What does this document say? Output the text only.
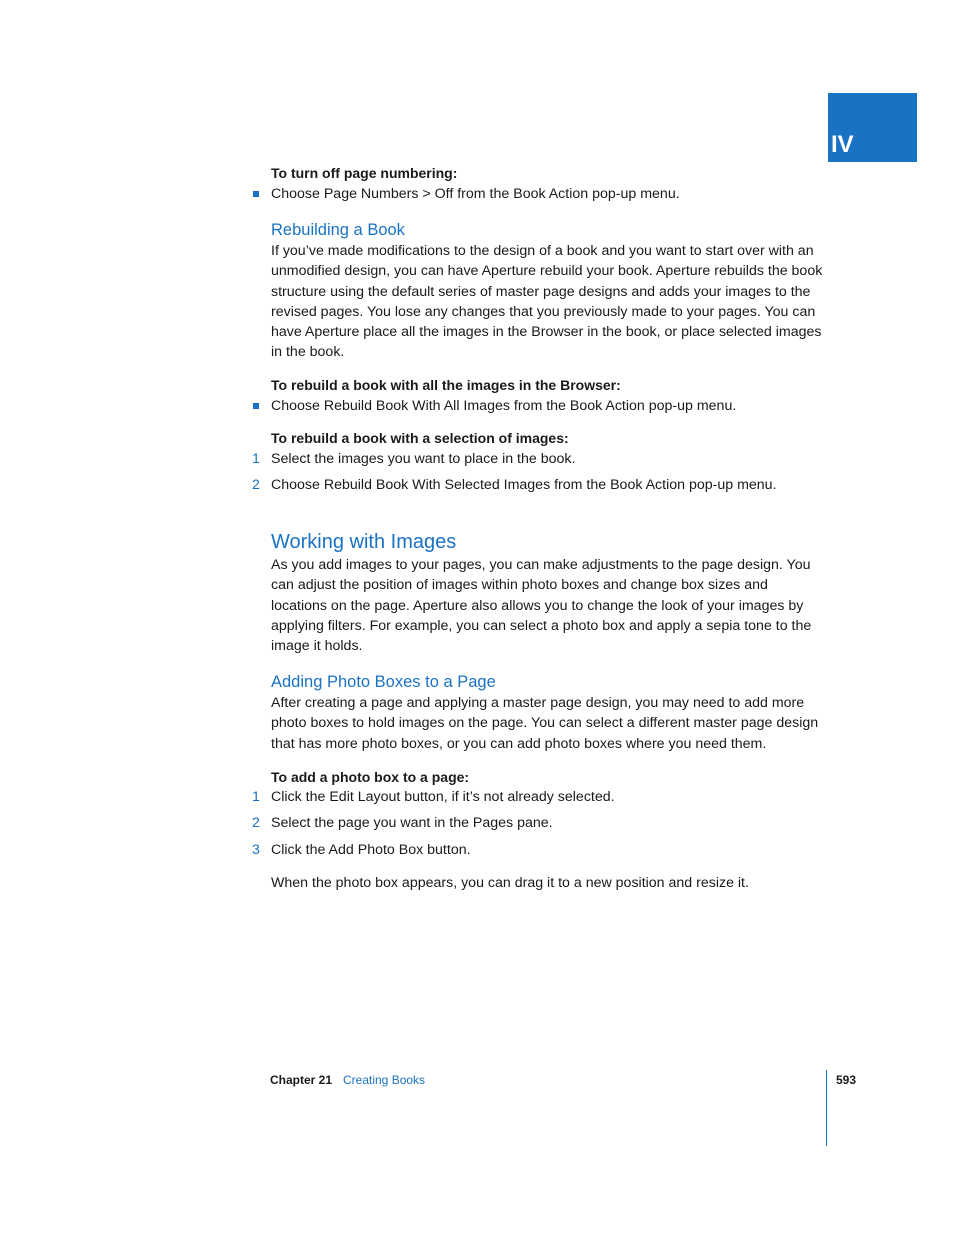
IV
To turn off page numbering:
Choose Page Numbers > Off from the Book Action pop-up menu.
Rebuilding a Book
If you’ve made modifications to the design of a book and you want to start over with an unmodified design, you can have Aperture rebuild your book. Aperture rebuilds the book structure using the default series of master page designs and adds your images to the revised pages. You lose any changes that you previously made to your pages. You can have Aperture place all the images in the Browser in the book, or place selected images in the book.
To rebuild a book with all the images in the Browser:
Choose Rebuild Book With All Images from the Book Action pop-up menu.
To rebuild a book with a selection of images:
1 Select the images you want to place in the book.
2 Choose Rebuild Book With Selected Images from the Book Action pop-up menu.
Working with Images
As you add images to your pages, you can make adjustments to the page design. You can adjust the position of images within photo boxes and change box sizes and locations on the page. Aperture also allows you to change the look of your images by applying filters. For example, you can select a photo box and apply a sepia tone to the image it holds.
Adding Photo Boxes to a Page
After creating a page and applying a master page design, you may need to add more photo boxes to hold images on the page. You can select a different master page design that has more photo boxes, or you can add photo boxes where you need them.
To add a photo box to a page:
1 Click the Edit Layout button, if it’s not already selected.
2 Select the page you want in the Pages pane.
3 Click the Add Photo Box button.
When the photo box appears, you can drag it to a new position and resize it.
Chapter 21 Creating Books	593
